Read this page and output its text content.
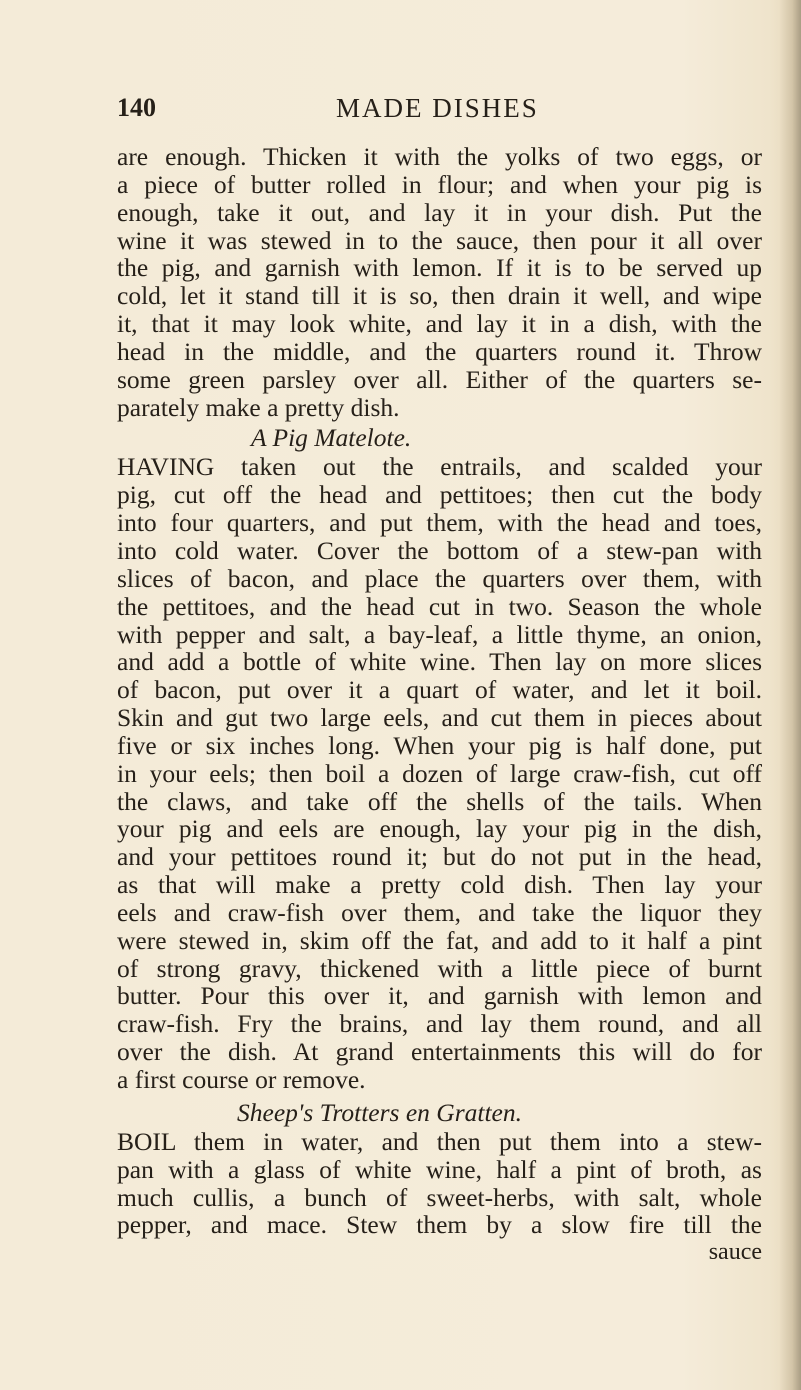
140	MADE DISHES
are enough. Thicken it with the yolks of two eggs, or
a piece of butter rolled in flour; and when your pig is
enough, take it out, and lay it in your dish. Put the
wine it was stewed in to the sauce, then pour it all over
the pig, and garnish with lemon. If it is to be served up
cold, let it stand till it is so, then drain it well, and wipe
it, that it may look white, and lay it in a dish, with the
head in the middle, and the quarters round it. Throw
some green parsley over all. Either of the quarters se-
parately make a pretty dish.
A Pig Matelote.
HAVING taken out the entrails, and scalded your
pig, cut off the head and pettitoes; then cut the body
into four quarters, and put them, with the head and toes,
into cold water. Cover the bottom of a stew-pan with
slices of bacon, and place the quarters over them, with
the pettitoes, and the head cut in two. Season the whole
with pepper and salt, a bay-leaf, a little thyme, an onion,
and add a bottle of white wine. Then lay on more slices
of bacon, put over it a quart of water, and let it boil.
Skin and gut two large eels, and cut them in pieces about
five or six inches long. When your pig is half done, put
in your eels; then boil a dozen of large craw-fish, cut off
the claws, and take off the shells of the tails. When
your pig and eels are enough, lay your pig in the dish,
and your pettitoes round it; but do not put in the head,
as that will make a pretty cold dish. Then lay your
eels and craw-fish over them, and take the liquor they
were stewed in, skim off the fat, and add to it half a pint
of strong gravy, thickened with a little piece of burnt
butter. Pour this over it, and garnish with lemon and
craw-fish. Fry the brains, and lay them round, and all
over the dish. At grand entertainments this will do for
a first course or remove.
Sheep's Trotters en Gratten.
BOIL them in water, and then put them into a stew-
pan with a glass of white wine, half a pint of broth, as
much cullis, a bunch of sweet-herbs, with salt, whole
pepper, and mace. Stew them by a slow fire till the
sauce
